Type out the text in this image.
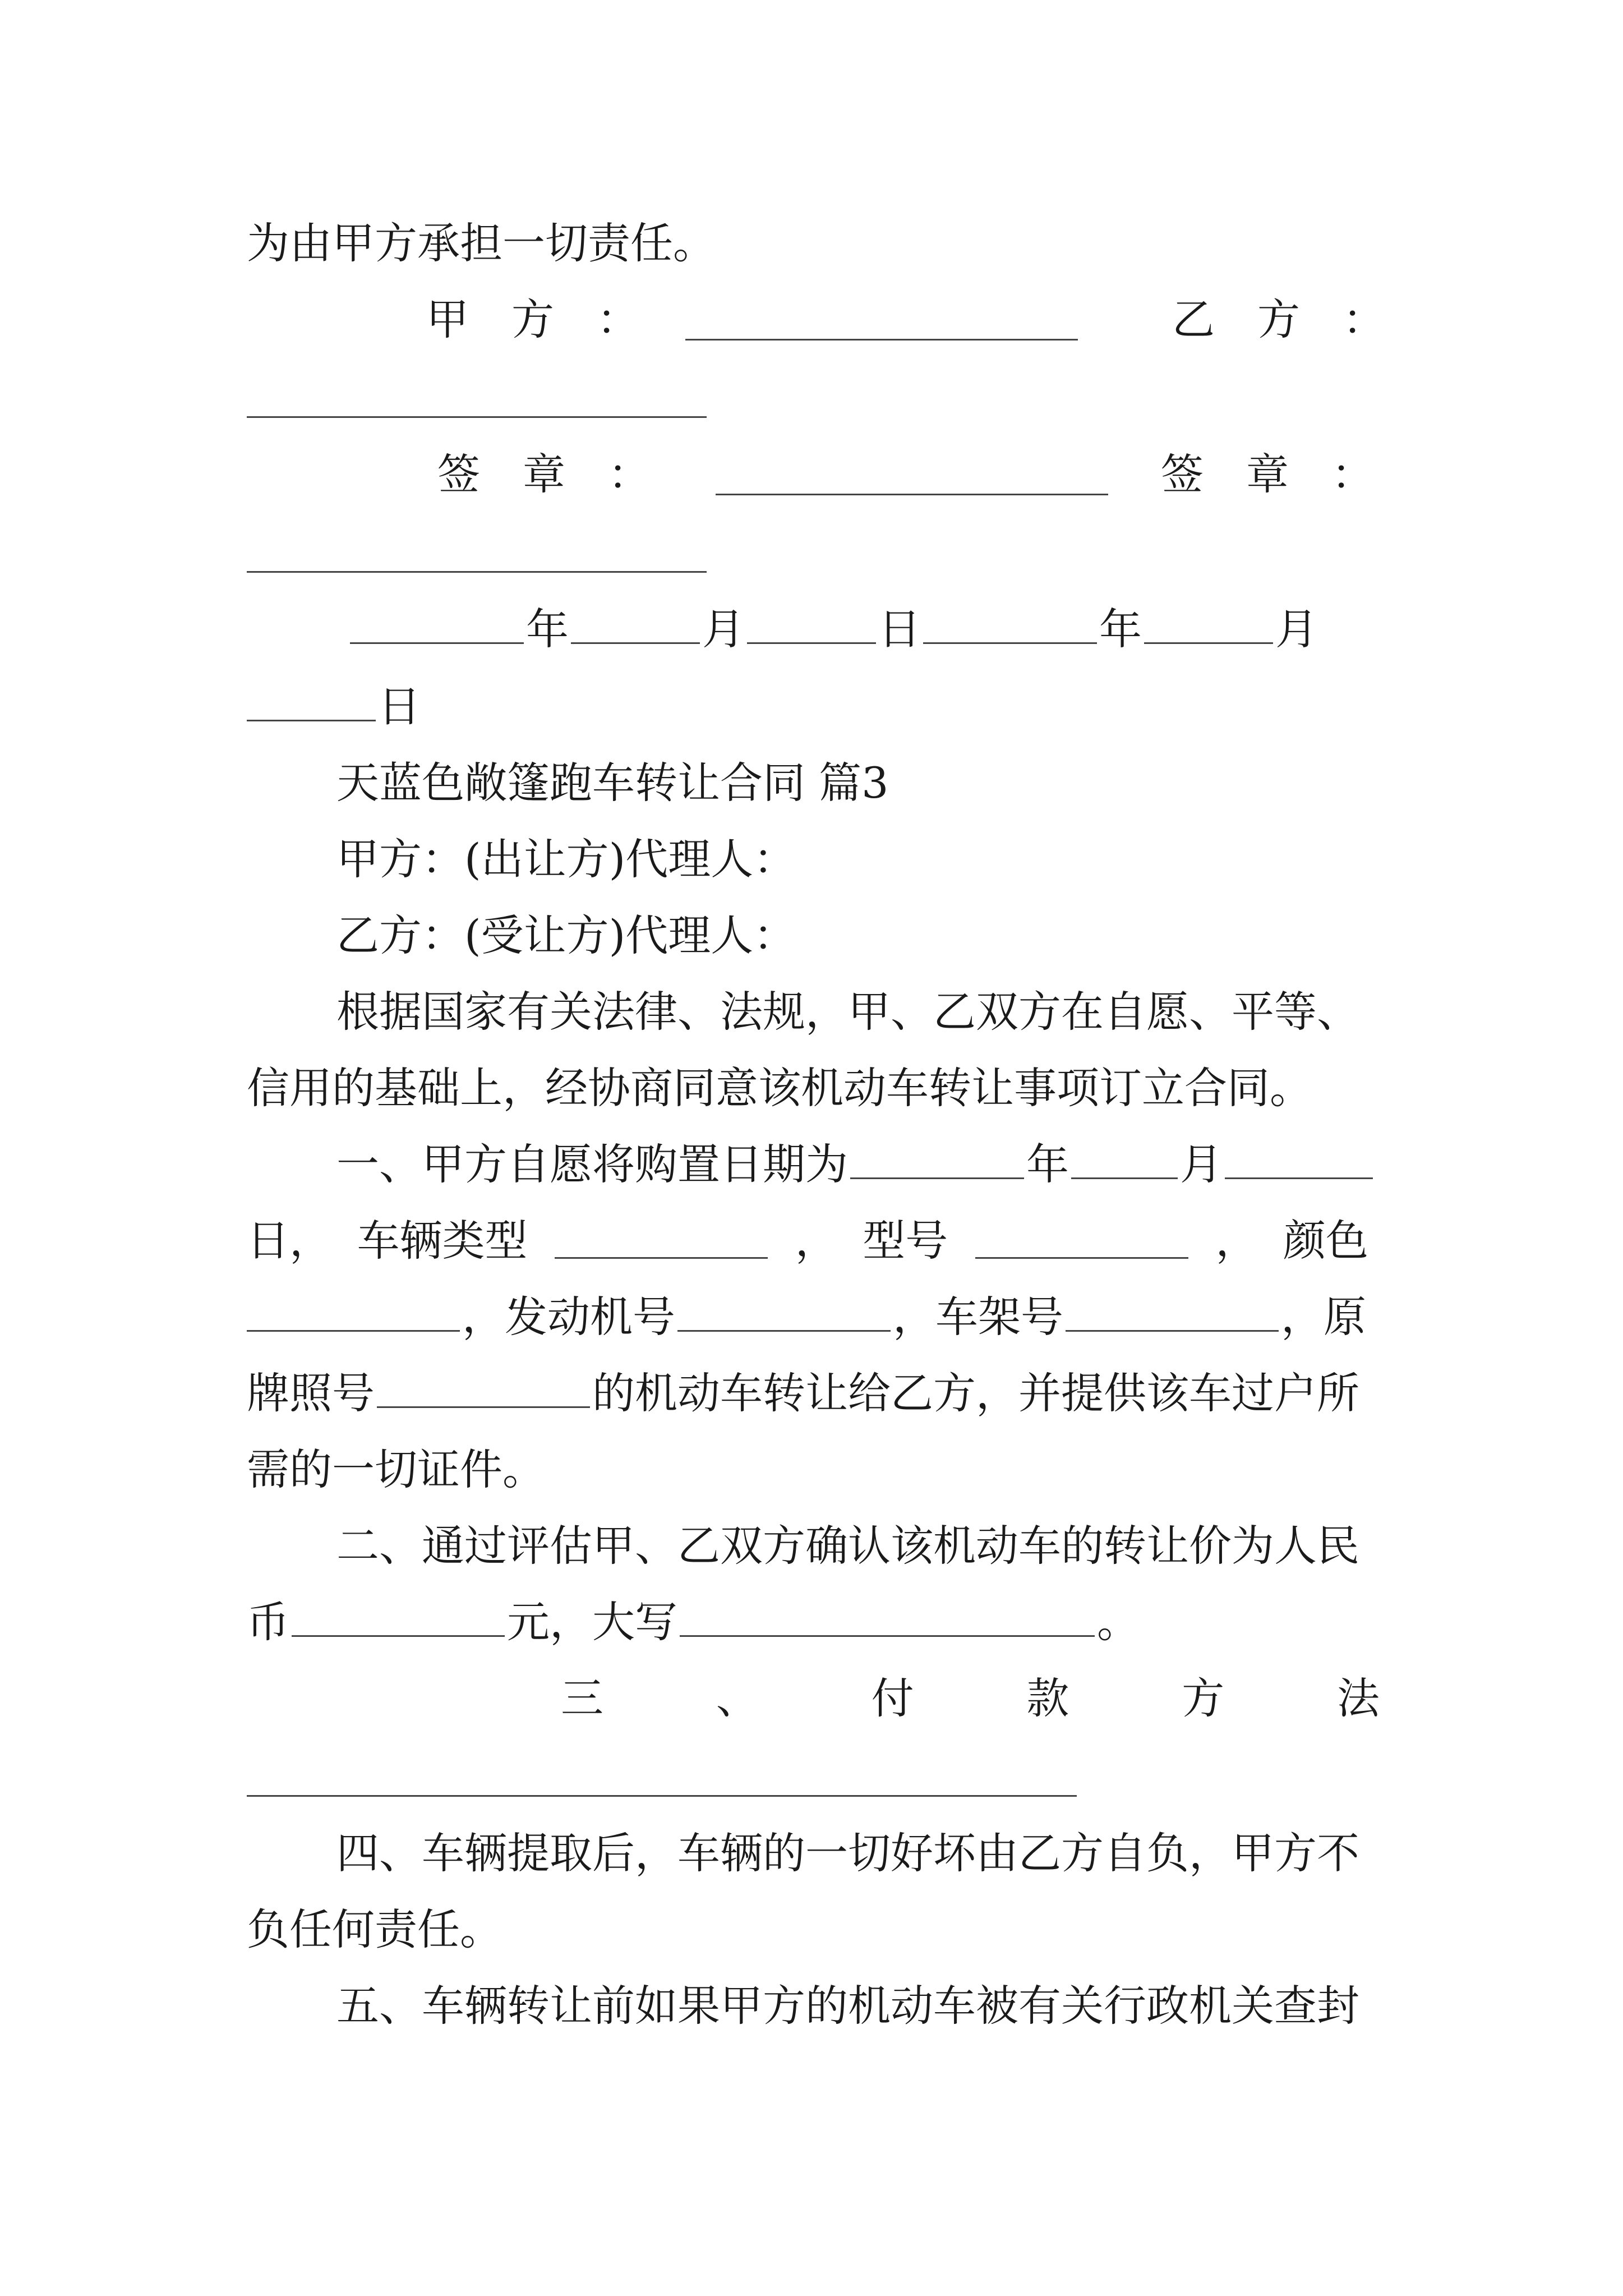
为由甲方承担一切责任。
甲　方　：	乙　方　：
签　章　：	签　章　：
年	月	日	年	月
日
天蓝色敞篷跑车转让合同 篇3
甲方：(出让方)代理人：
乙方：(受让方)代理人：
根据国家有关法律、法规，甲、乙双方在自愿、平等、
信用的基础上，经协商同意该机动车转让事项订立合同。
一、甲方自愿将购置日期为	年	月
日， 车辆类型	， 型号	， 颜色
，发动机号	，车架号	，原
牌照号	的机动车转让给乙方，并提供该车过户所
需的一切证件。
二、通过评估甲、乙双方确认该机动车的转让价为人民
币	元，大写	。
三	、	付	款	方	法
四、车辆提取后，车辆的一切好坏由乙方自负，甲方不
负任何责任。
五、车辆转让前如果甲方的机动车被有关行政机关查封
